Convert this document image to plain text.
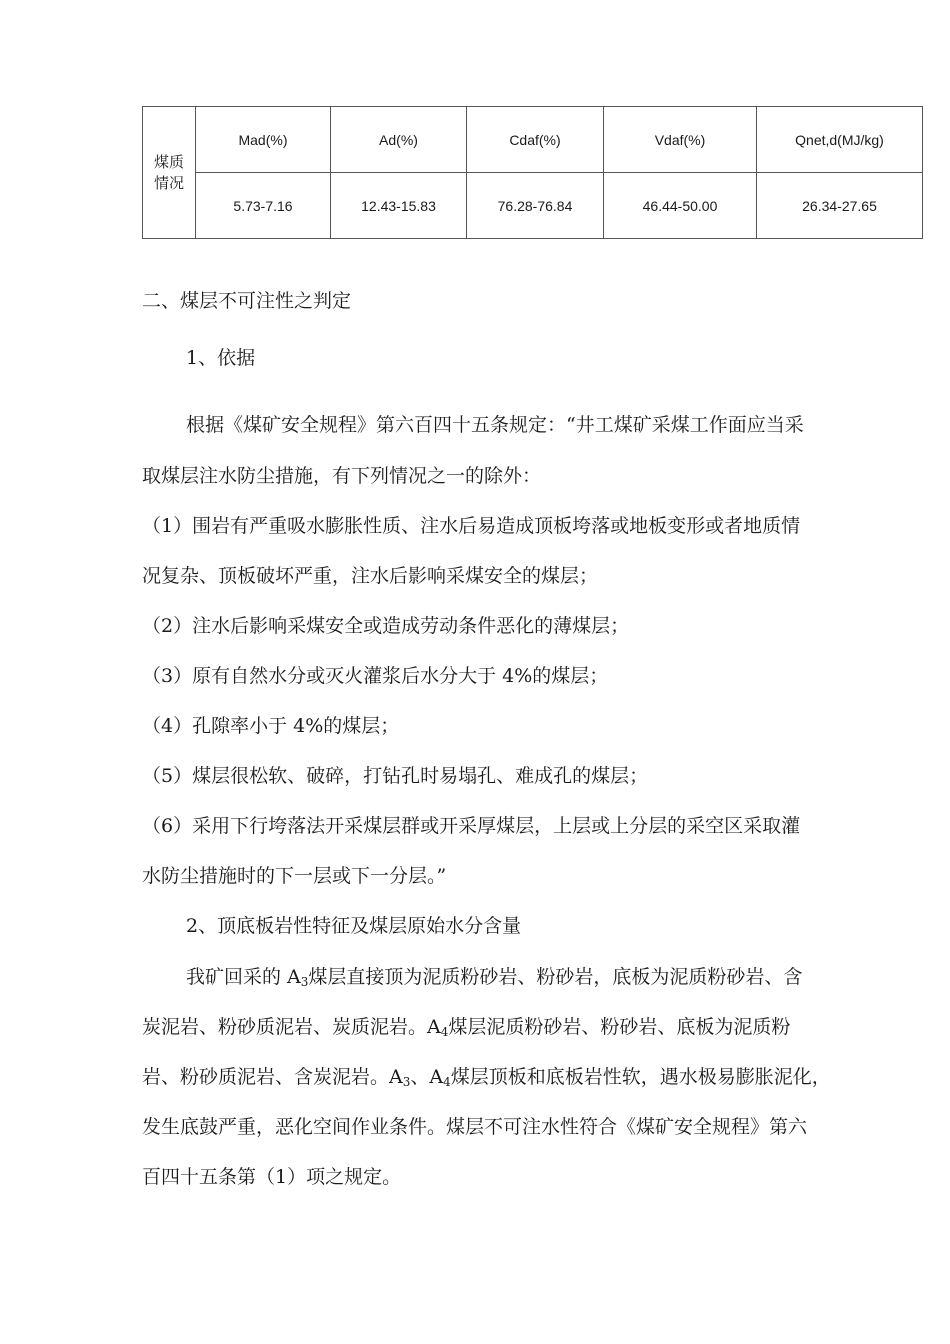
煤质
情况	Mad(%)	Ad(%)	Cdaf(%)	Vdaf(%)	Qnet,d(MJ/kg)
	5.73-7.16	12.43-15.83	76.28-76.84	46.44-50.00	26.34-27.65
二、煤层不可注性之判定
1、依据
根据《煤矿安全规程》第六百四十五条规定：“井工煤矿采煤工作面应当采
取煤层注水防尘措施，有下列情况之一的除外：
（1）围岩有严重吸水膨胀性质、注水后易造成顶板垮落或地板变形或者地质情
况复杂、顶板破坏严重，注水后影响采煤安全的煤层；
（2）注水后影响采煤安全或造成劳动条件恶化的薄煤层；
（3）原有自然水分或灭火灌浆后水分大于 4%的煤层；
（4）孔隙率小于 4%的煤层；
（5）煤层很松软、破碎，打钻孔时易塌孔、难成孔的煤层；
（6）采用下行垮落法开采煤层群或开采厚煤层，上层或上分层的采空区采取灌
水防尘措施时的下一层或下一分层。”
2、顶底板岩性特征及煤层原始水分含量
我矿回采的 $A_3$煤层直接顶为泥质粉砂岩、粉砂岩，底板为泥质粉砂岩、含
炭泥岩、粉砂质泥岩、炭质泥岩。$A_4$煤层泥质粉砂岩、粉砂岩、底板为泥质粉
岩、粉砂质泥岩、含炭泥岩。$A_3$、$A_4$煤层顶板和底板岩性软，遇水极易膨胀泥化，
发生底鼓严重，恶化空间作业条件。煤层不可注水性符合《煤矿安全规程》第六
百四十五条第（1）项之规定。
